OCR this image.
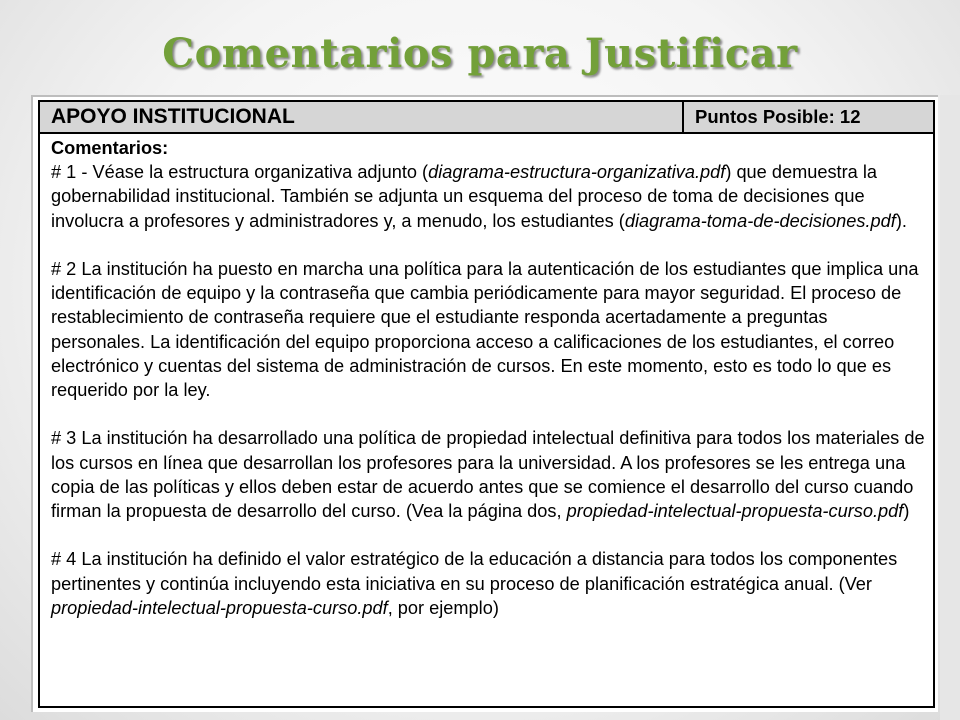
Comentarios para Justificar
APOYO INSTITUCIONAL	Puntos Posible: 12
Comentarios:

# 1 - Véase la estructura organizativa adjunto (diagrama-estructura-organizativa.pdf) que demuestra la gobernabilidad institucional. También se adjunta un esquema del proceso de toma de decisiones que involucra a profesores y administradores y, a menudo, los estudiantes (diagrama-toma-de-decisiones.pdf).

# 2 La institución ha puesto en marcha una política para la autenticación de los estudiantes que implica una identificación de equipo y la contraseña que cambia periódicamente para mayor seguridad. El proceso de restablecimiento de contraseña requiere que el estudiante responda acertadamente a preguntas personales. La identificación del equipo proporciona acceso a calificaciones de los estudiantes, el correo electrónico y cuentas del sistema de administración de cursos. En este momento, esto es todo lo que es requerido por la ley.

# 3 La institución ha desarrollado una política de propiedad intelectual definitiva para todos los materiales de los cursos en línea que desarrollan los profesores para la universidad. A los profesores se les entrega una copia de las políticas y ellos deben estar de acuerdo antes que se comience el desarrollo del curso cuando firman la propuesta de desarrollo del curso. (Vea la página dos, propiedad-intelectual-propuesta-curso.pdf)

# 4 La institución ha definido el valor estratégico de la educación a distancia para todos los componentes pertinentes y continúa incluyendo esta iniciativa en su proceso de planificación estratégica anual. (Ver propiedad-intelectual-propuesta-curso.pdf, por ejemplo)
